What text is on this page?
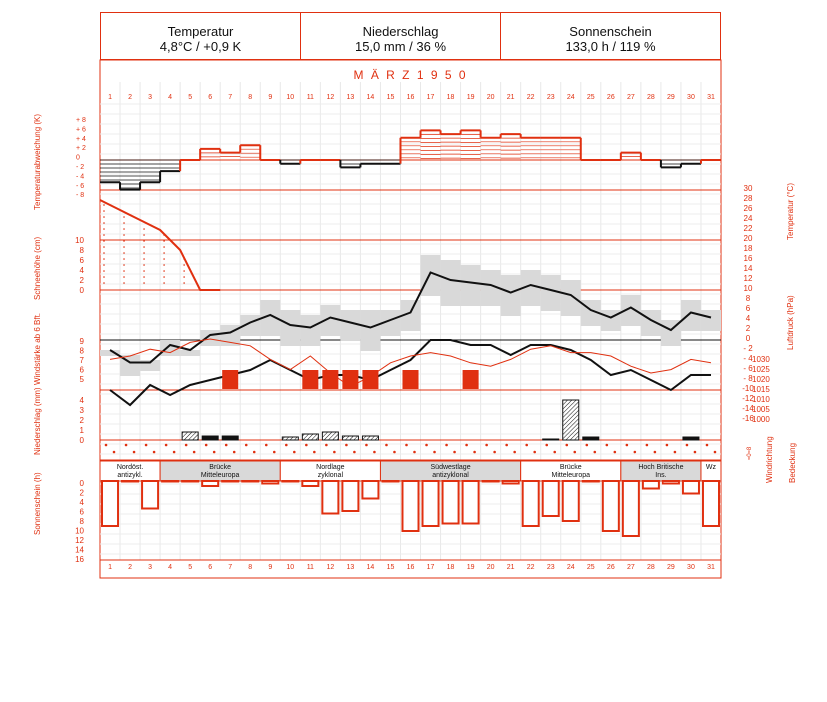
Temperatur
4,8°C / +0,9 K
Niederschlag
15,0 mm / 36 %
Sonnenschein
133,0 h / 119 %
M Ä R Z 1 9 5 0
1
1
2
2
3
3
4
4
5
5
6
6
7
7
8
8
9
9
10
10
11
11
12
12
13
13
14
14
15
15
16
16
17
17
18
18
19
19
20
20
21
21
22
22
23
23
24
24
25
25
26
26
27
27
28
28
29
29
30
30
31
31
+ 8
+ 6
+ 4
+ 2
0
- 2
- 4
- 6
- 8
Temperaturabweichung (K)
10
8
6
4
2
0
Schneehöhe (cm)
30
28
26
24
22
20
18
16
14
12
10
8
6
4
2
0
- 2
- 4
- 6
- 8
-10
-12
-14
-16
Temperatur (°C)
9
8
7
6
5
Windstärke ab 6 Bft.	1030
1025
1020
1015
1010
1005
1000
Luftdruck (hPa)
4
3
2
1
0
Niederschlag (mm)	≈0≈8 Windrichtung Bedeckung
Nordöst.
antizykl.
Brücke
Mitteleuropa
Nordlage
zyklonal
Südwestlage
antizyklonal
Brücke
Mitteleuropa
Hoch Britische
Ins.
Wz
0
2
4
6
8
10
12
14
16
Sonnenschein (h)
